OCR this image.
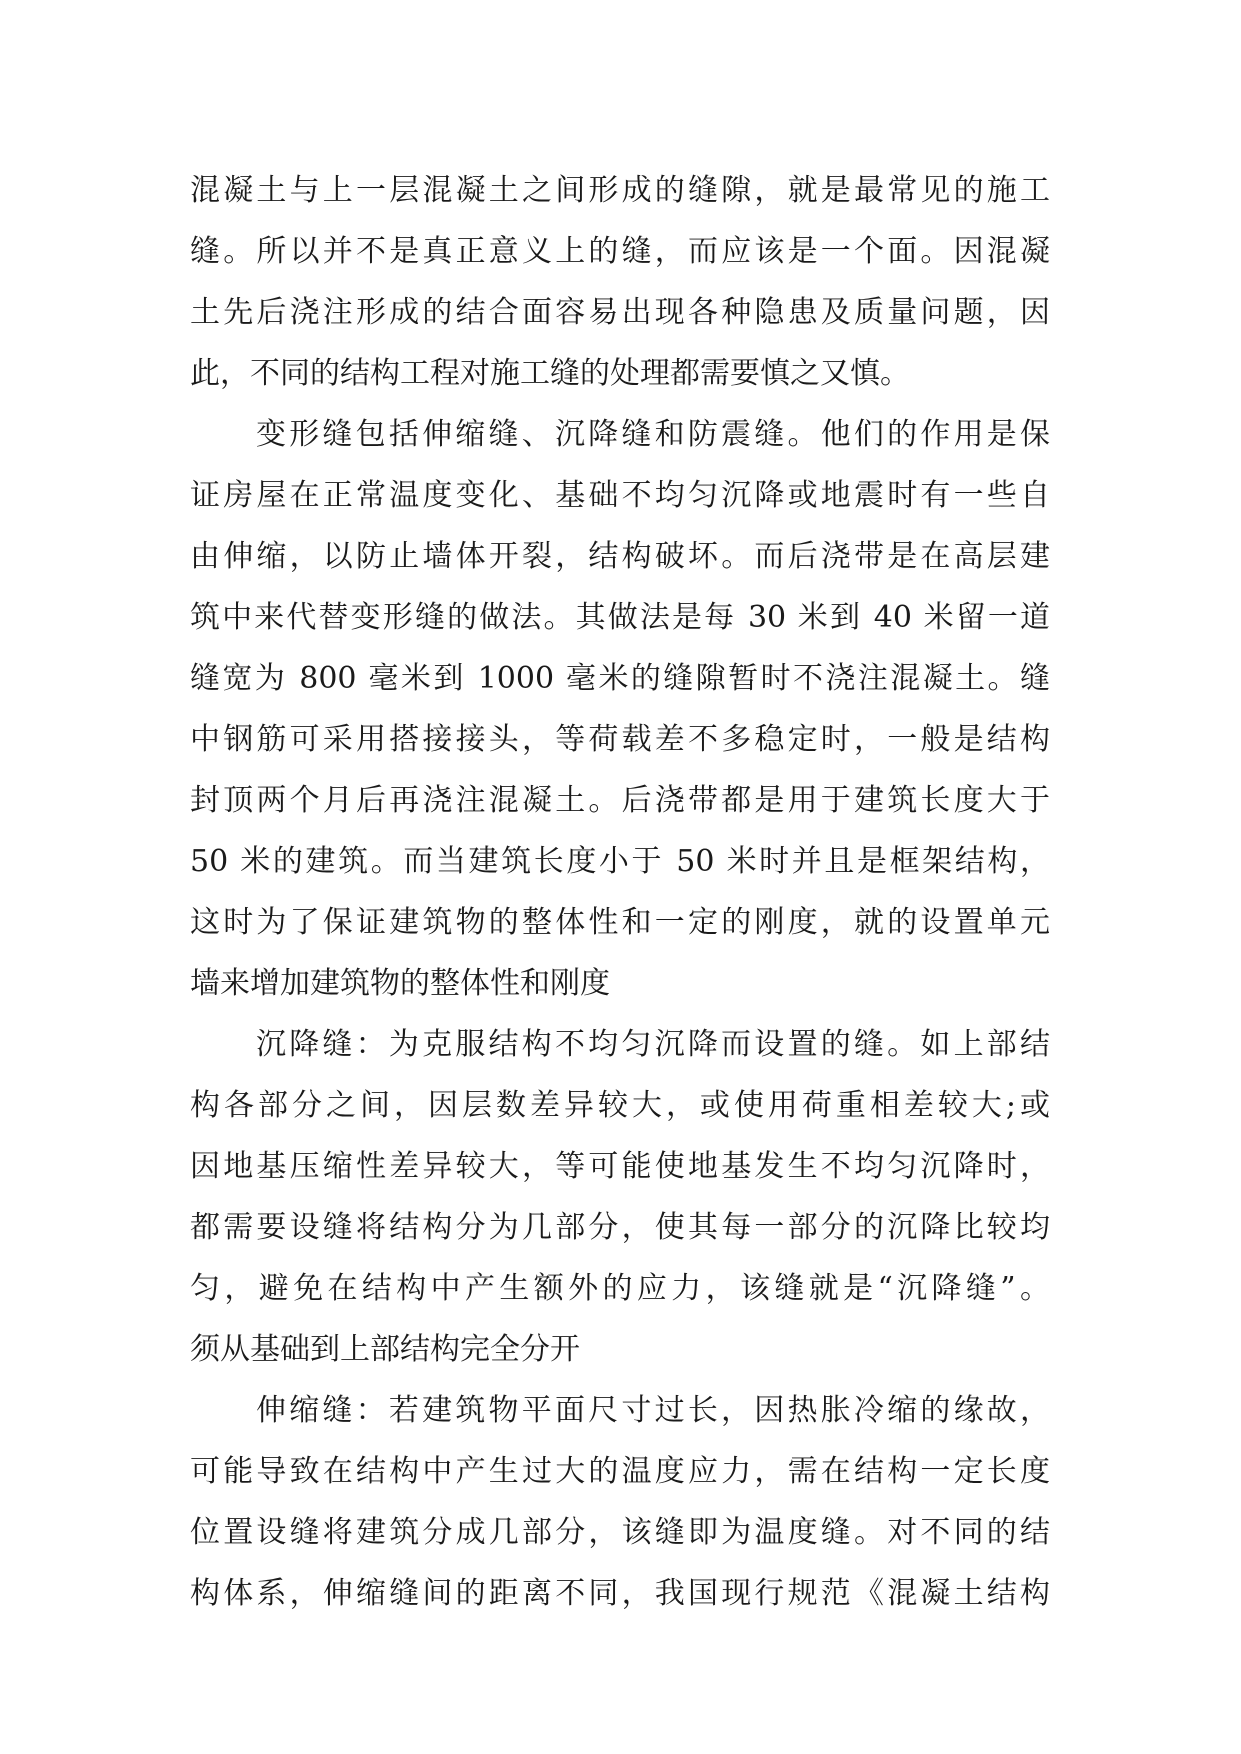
混凝土与上一层混凝土之间形成的缝隙，就是最常见的施工
缝。所以并不是真正意义上的缝，而应该是一个面。因混凝
土先后浇注形成的结合面容易出现各种隐患及质量问题，因
此，不同的结构工程对施工缝的处理都需要慎之又慎。
变形缝包括伸缩缝、沉降缝和防震缝。他们的作用是保
证房屋在正常温度变化、基础不均匀沉降或地震时有一些自
由伸缩，以防止墙体开裂，结构破坏。而后浇带是在高层建
筑中来代替变形缝的做法。其做法是每 30 米到 40 米留一道
缝宽为 800 毫米到 1000 毫米的缝隙暂时不浇注混凝土。缝
中钢筋可采用搭接接头，等荷载差不多稳定时，一般是结构
封顶两个月后再浇注混凝土。后浇带都是用于建筑长度大于
50 米的建筑。而当建筑长度小于 50 米时并且是框架结构，
这时为了保证建筑物的整体性和一定的刚度，就的设置单元
墙来增加建筑物的整体性和刚度
沉降缝：为克服结构不均匀沉降而设置的缝。如上部结
构各部分之间，因层数差异较大，或使用荷重相差较大;或
因地基压缩性差异较大，等可能使地基发生不均匀沉降时，
都需要设缝将结构分为几部分，使其每一部分的沉降比较均
匀，避免在结构中产生额外的应力，该缝就是“沉降缝”。
须从基础到上部结构完全分开
伸缩缝：若建筑物平面尺寸过长，因热胀冷缩的缘故，
可能导致在结构中产生过大的温度应力，需在结构一定长度
位置设缝将建筑分成几部分，该缝即为温度缝。对不同的结
构体系，伸缩缝间的距离不同，我国现行规范《混凝土结构
